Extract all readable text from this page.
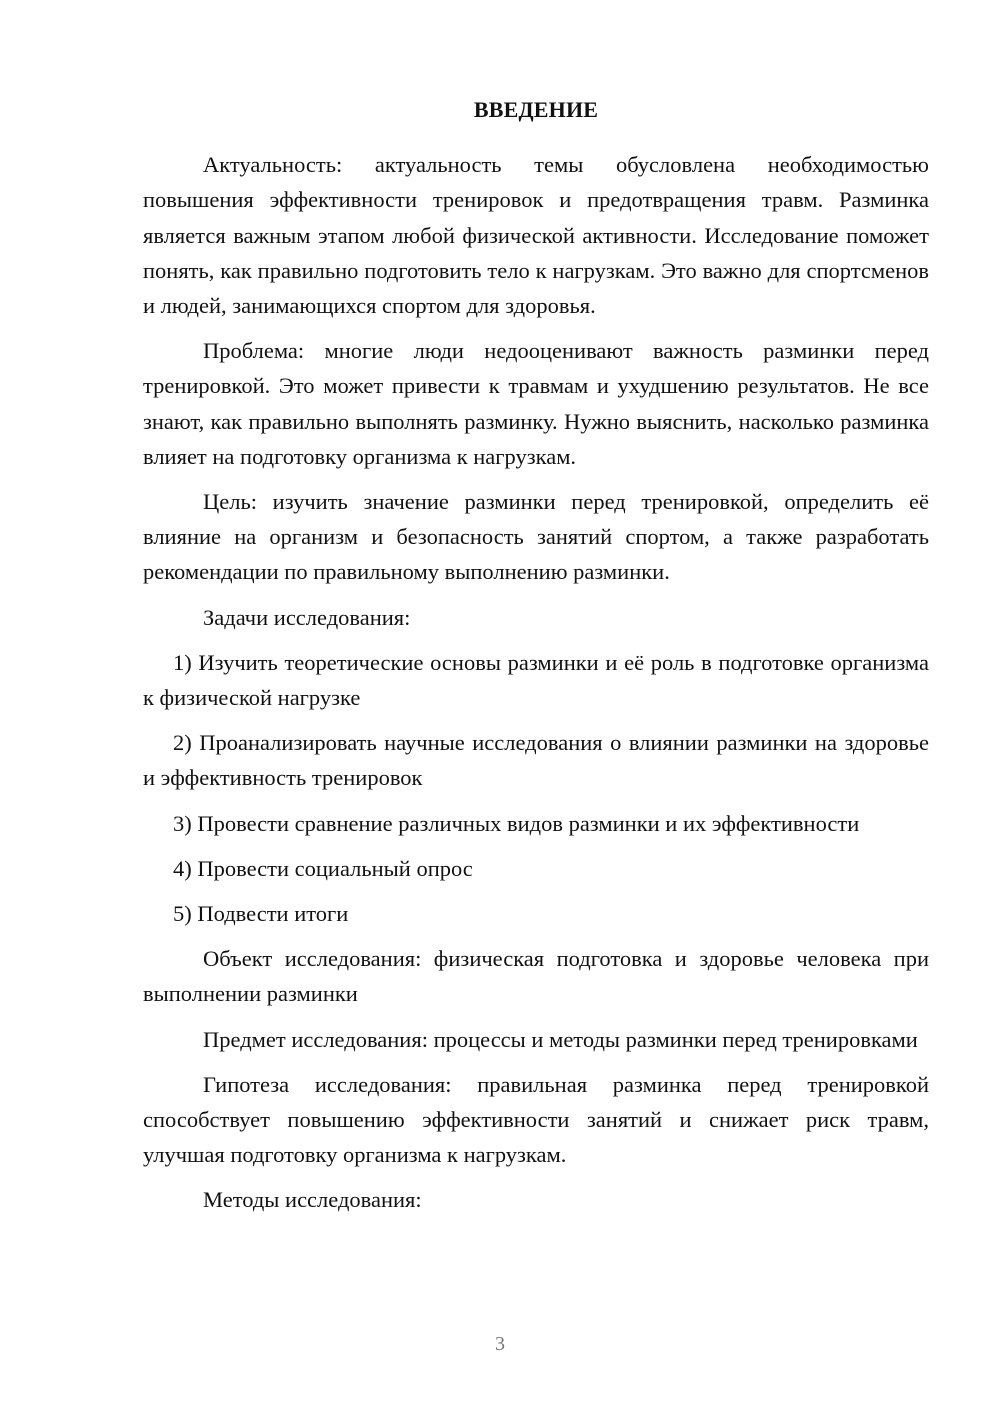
ВВЕДЕНИЕ

Актуальность: актуальность темы обусловлена необходимостью повышения эффективности тренировок и предотвращения травм. Разминка является важным этапом любой физической активности. Исследование поможет понять, как правильно подготовить тело к нагрузкам. Это важно для спортсменов и людей, занимающихся спортом для здоровья.

Проблема: многие люди недооценивают важность разминки перед тренировкой. Это может привести к травмам и ухудшению результатов. Не все знают, как правильно выполнять разминку. Нужно выяснить, насколько разминка влияет на подготовку организма к нагрузкам.

Цель: изучить значение разминки перед тренировкой, определить её влияние на организм и безопасность занятий спортом, а также разработать рекомендации по правильному выполнению разминки.

Задачи исследования:

1) Изучить теоретические основы разминки и её роль в подготовке организма к физической нагрузке

2) Проанализировать научные исследования о влиянии разминки на здоровье и эффективность тренировок

3) Провести сравнение различных видов разминки и их эффективности

4) Провести социальный опрос

5) Подвести итоги

Объект исследования: физическая подготовка и здоровье человека при выполнении разминки

Предмет исследования: процессы и методы разминки перед тренировками

Гипотеза исследования: правильная разминка перед тренировкой способствует повышению эффективности занятий и снижает риск травм, улучшая подготовку организма к нагрузкам.

Методы исследования:

3
